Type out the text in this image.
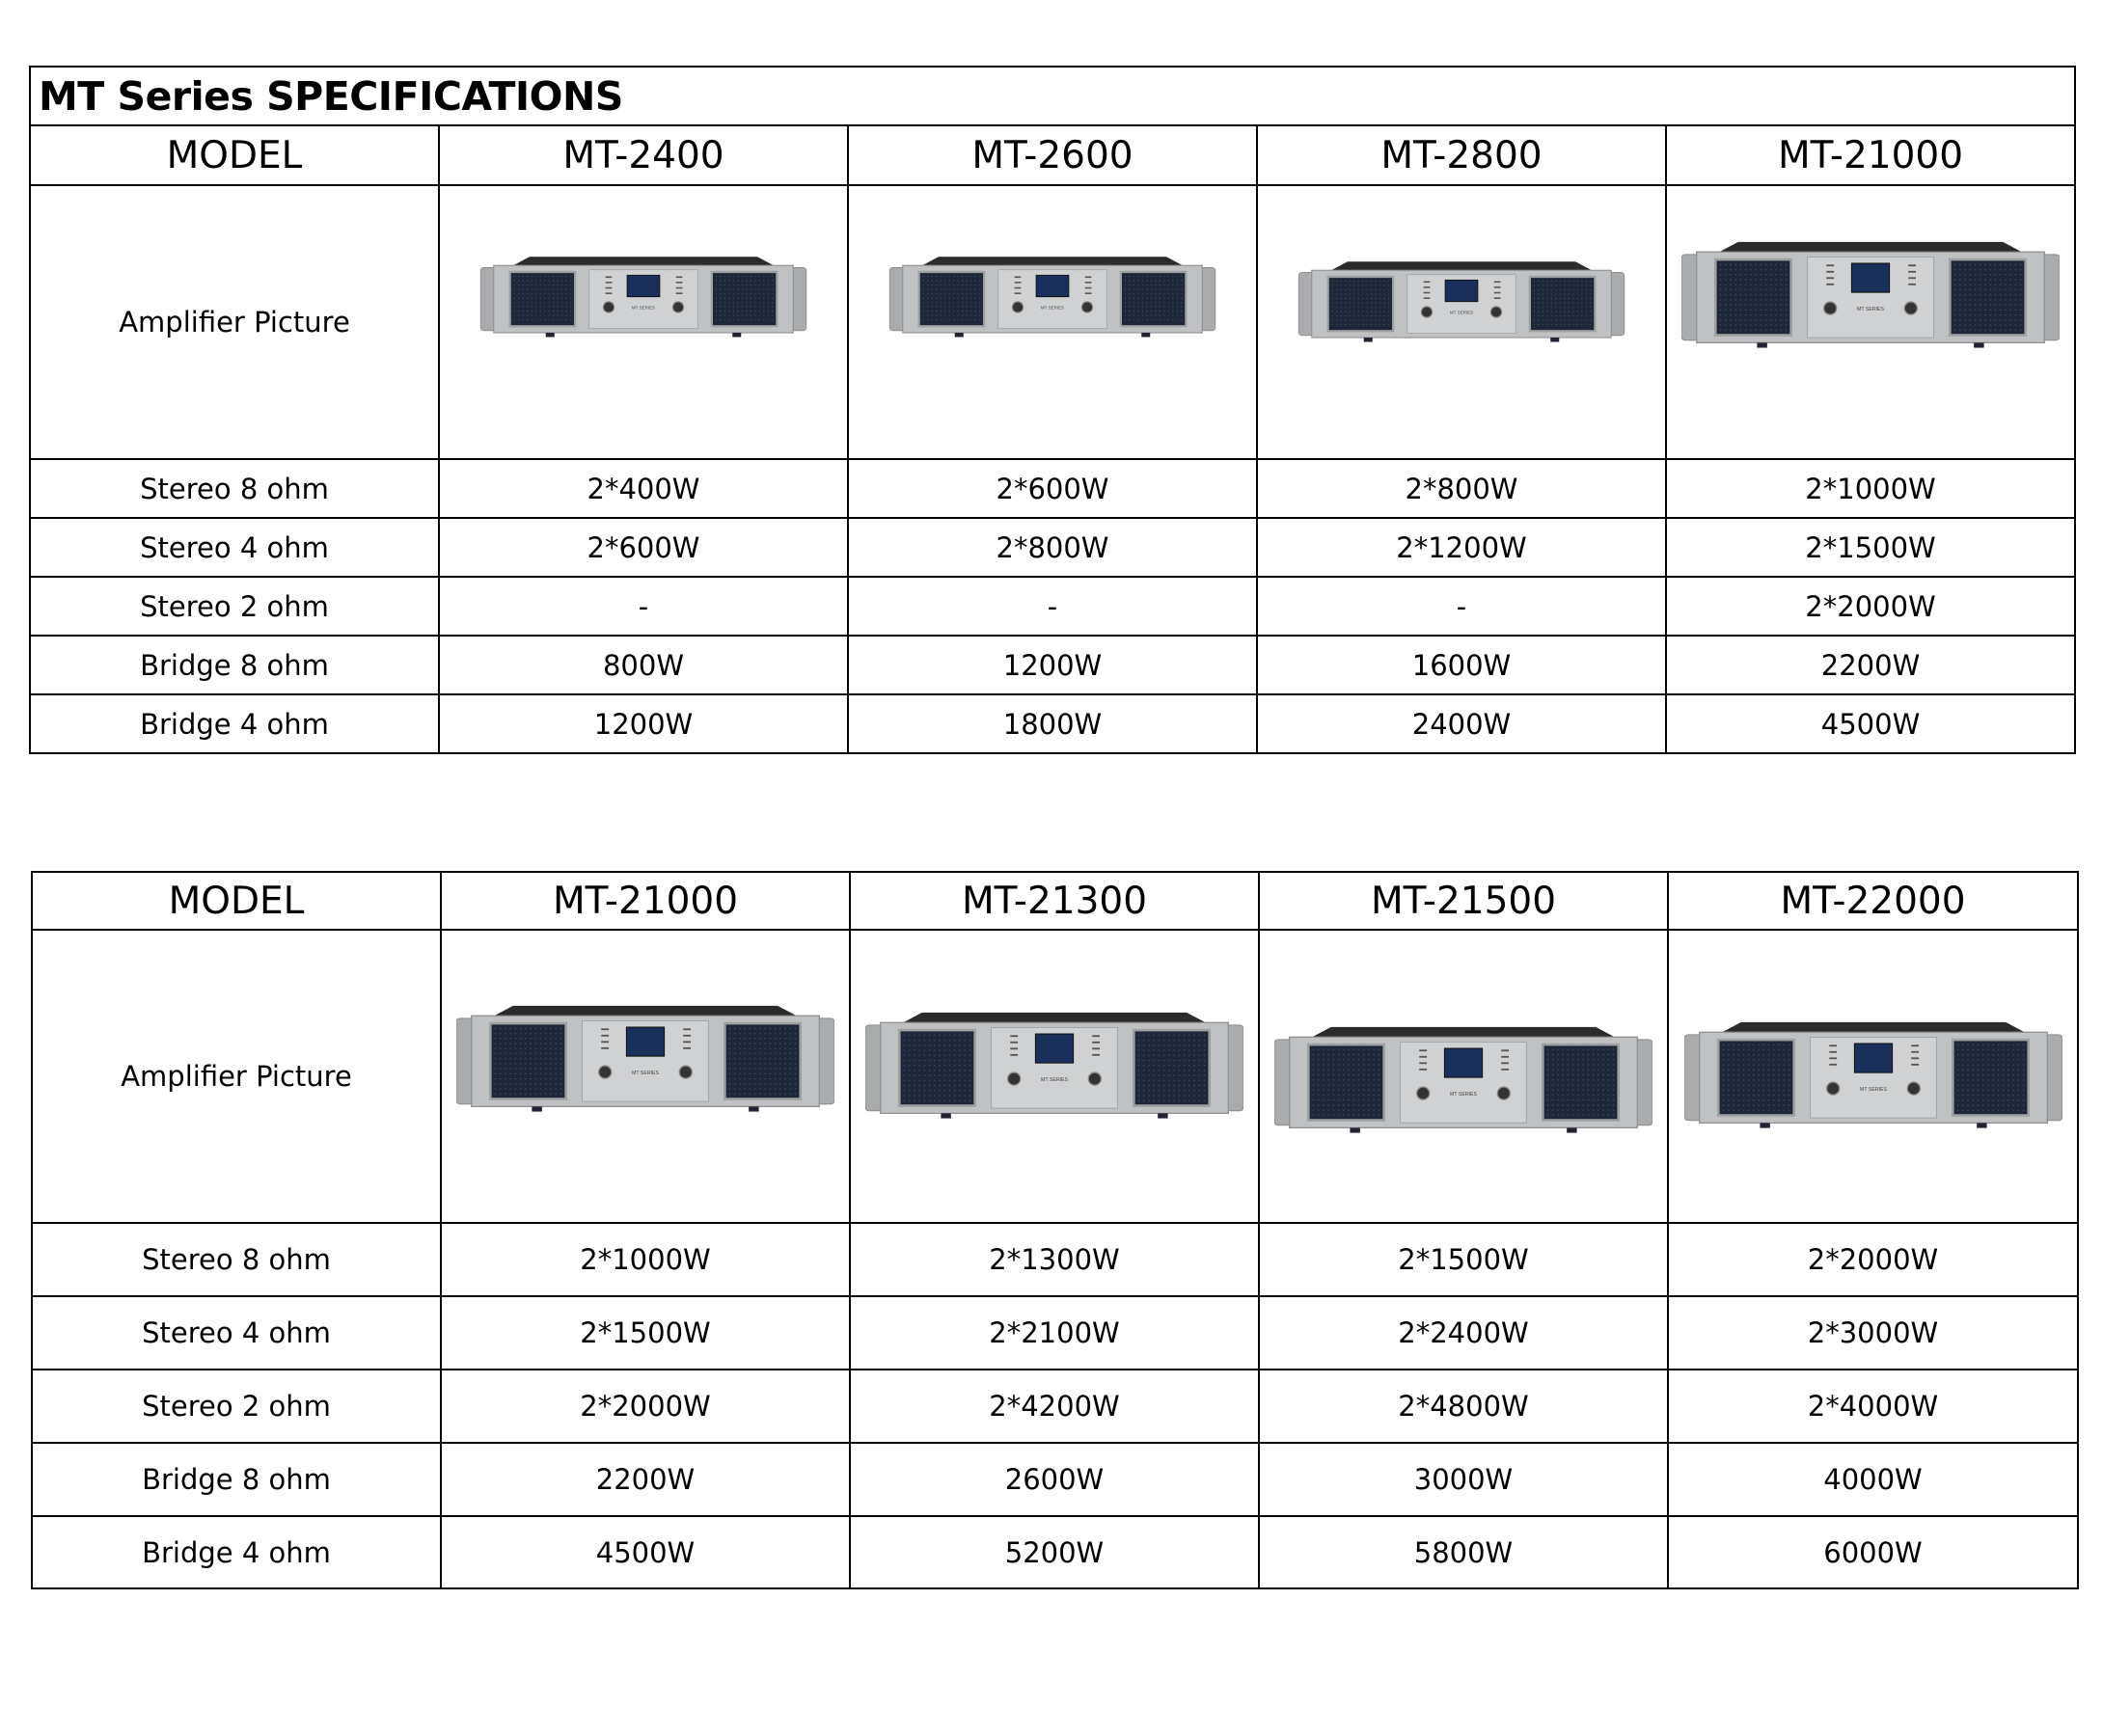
MT Series SPECIFICATIONS				
MODEL	MT-2400	MT-2600	MT-2800	MT-21000
Amplifier Picture	MT SERIES	MT SERIES	MT SERIES	MT SERIES

Stereo 8 ohm	2*400W	2*600W	2*800W	2*1000W
Stereo 4 ohm	2*600W	2*800W	2*1200W	2*1500W
Stereo 2 ohm	-	-	-	2*2000W
Bridge 8 ohm	800W	1200W	1600W	2200W
Bridge 4 ohm	1200W	1800W	2400W	4500W
MODEL	MT-21000	MT-21300	MT-21500	MT-22000
Amplifier Picture	MT SERIES	MT SERIES	MT SERIES	MT SERIES

Stereo 8 ohm	2*1000W	2*1300W	2*1500W	2*2000W
Stereo 4 ohm	2*1500W	2*2100W	2*2400W	2*3000W
Stereo 2 ohm	2*2000W	2*4200W	2*4800W	2*4000W
Bridge 8 ohm	2200W	2600W	3000W	4000W
Bridge 4 ohm	4500W	5200W	5800W	6000W
